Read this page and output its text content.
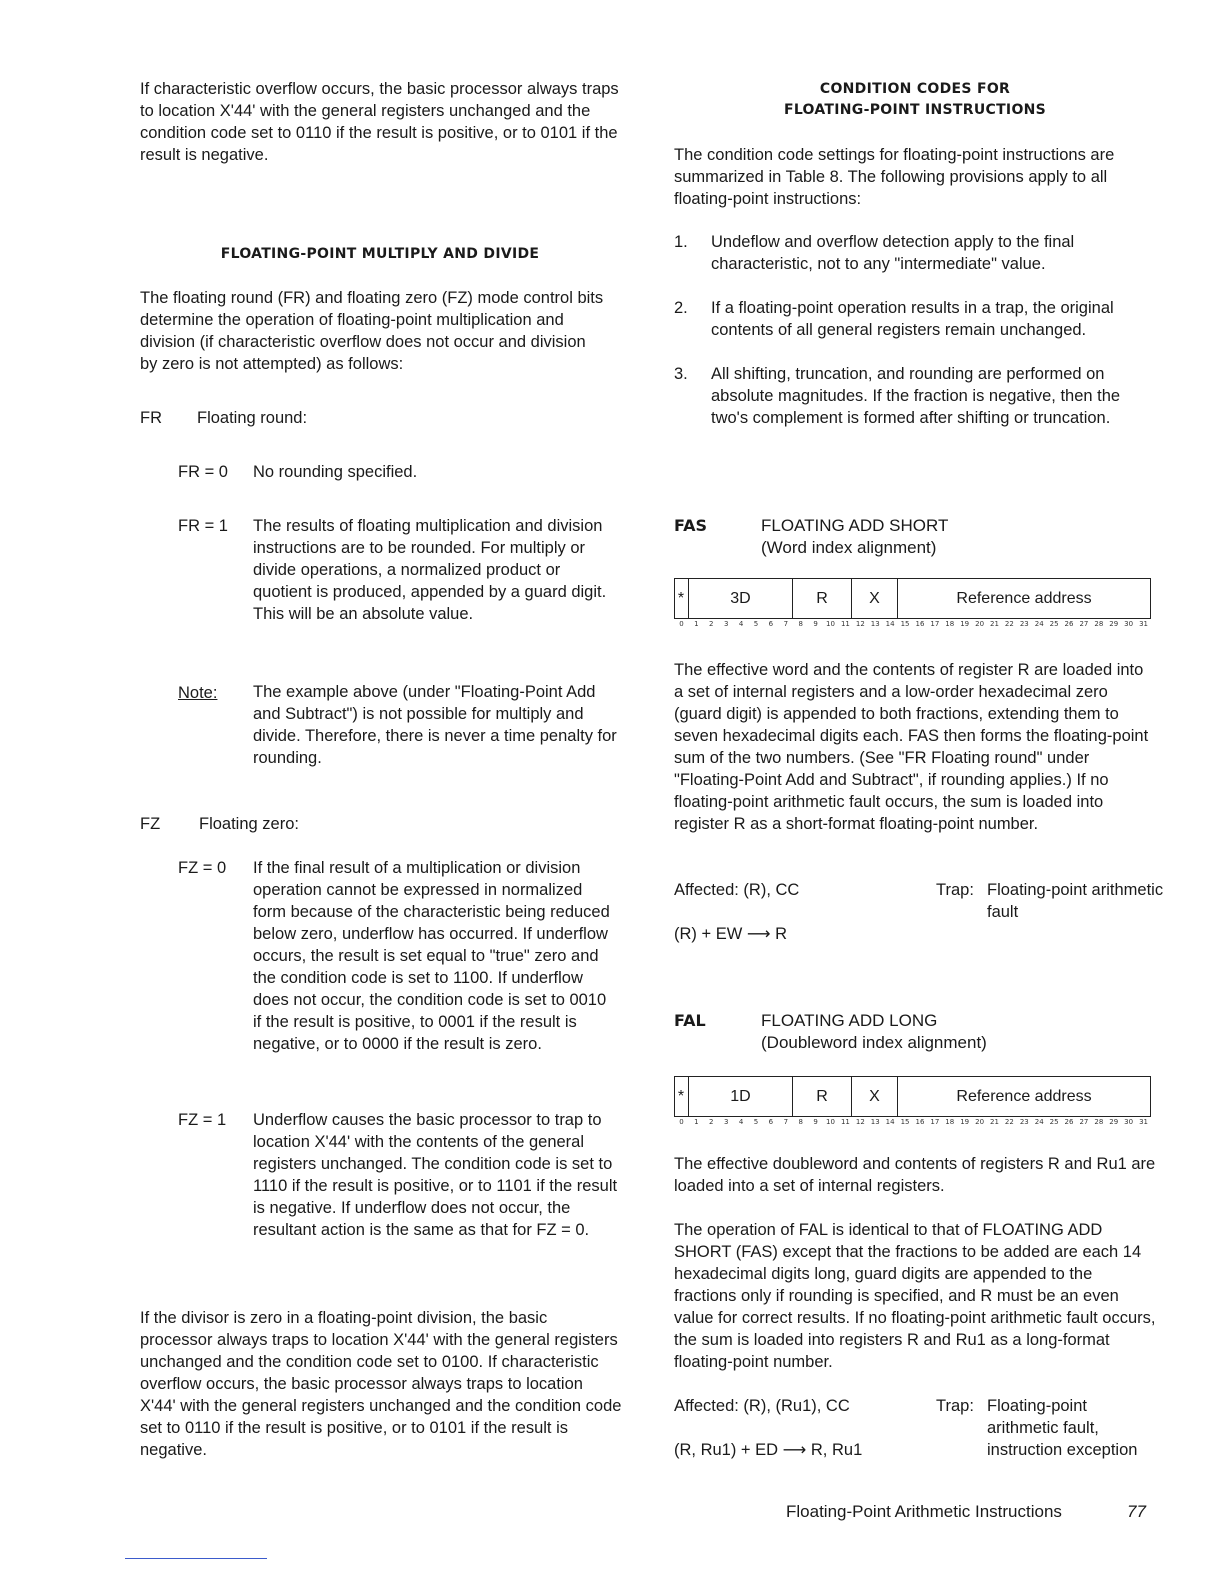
If characteristic overflow occurs, the basic processor always traps to location X'44' with the general registers unchanged and the condition code set to 0110 if the result is positive, or to 0101 if the result is negative.

FLOATING-POINT MULTIPLY AND DIVIDE

The floating round (FR) and floating zero (FZ) mode control bits determine the operation of floating-point multiplication and division (if characteristic overflow does not occur and division by zero is not attempted) as follows:

FR Floating round:
FR = 0 No rounding specified.
FR = 1 The results of floating multiplication and division instructions are to be rounded. For multiply or divide operations, a normalized product or quotient is produced, appended by a guard digit. This will be an absolute value.

Note: The example above (under "Floating-Point Add and Subtract") is not possible for multiply and divide. Therefore, there is never a time penalty for rounding.

FZ Floating zero:
FZ = 0 If the final result of a multiplication or division operation cannot be expressed in normalized form because of the characteristic being reduced below zero, underflow has occurred. If underflow occurs, the result is set equal to "true" zero and the condition code is set to 1100. If underflow does not occur, the condition code is set to 0010 if the result is positive, to 0001 if the result is negative, or to 0000 if the result is zero.

FZ = 1 Underflow causes the basic processor to trap to location X'44' with the contents of the general registers unchanged. The condition code is set to 1110 if the result is positive, or to 1101 if the result is negative. If underflow does not occur, the resultant action is the same as that for FZ = 0.

If the divisor is zero in a floating-point division, the basic processor always traps to location X'44' with the general registers unchanged and the condition code set to 0100. If characteristic overflow occurs, the basic processor always traps to location X'44' with the general registers unchanged and the condition code set to 0110 if the result is positive, or to 0101 if the result is negative.

CONDITION CODES FOR
FLOATING-POINT INSTRUCTIONS

The condition code settings for floating-point instructions are summarized in Table 8. The following provisions apply to all floating-point instructions:

1. Undeflow and overflow detection apply to the final characteristic, not to any "intermediate" value.

2. If a floating-point operation results in a trap, the original contents of all general registers remain unchanged.

3. All shifting, truncation, and rounding are performed on absolute magnitudes. If the fraction is negative, then the two's complement is formed after shifting or truncation.

FAS	FLOATING ADD SHORT
(Word index alignment)
*	3D	R	X	Reference address
0	1	2	3	4	5	6	7	8	9	10 11 12 13 14 15 16 17 18 19 20 21 22 23 24 25 26 27 28 29 30 31

The effective word and the contents of register R are loaded into a set of internal registers and a low-order hexadecimal zero (guard digit) is appended to both fractions, extending them to seven hexadecimal digits each. FAS then forms the floating-point sum of the two numbers. (See "FR Floating round" under "Floating-Point Add and Subtract", if rounding applies.) If no floating-point arithmetic fault occurs, the sum is loaded into register R as a short-format floating-point number.

Affected: (R), CC	Trap: Floating-point arithmetic fault

(R) + EW ⟶ R
FAL	FLOATING ADD LONG
(Doubleword index alignment)
*	1D	R	X	Reference address
0	1	2	3	4	5	6	7	8	9	10 11 12 13 14 15 16 17 18 19 20 21 22 23 24 25 26 27 28 29 30 31

The effective doubleword and contents of registers R and Ru1 are loaded into a set of internal registers.

The operation of FAL is identical to that of FLOATING ADD SHORT (FAS) except that the fractions to be added are each 14 hexadecimal digits long, guard digits are appended to the fractions only if rounding is specified, and R must be an even value for correct results. If no floating-point arithmetic fault occurs, the sum is loaded into registers R and Ru1 as a long-format floating-point number.

Affected: (R), (Ru1), CC	Trap: Floating-point arithmetic fault, instruction exception

(R, Ru1) + ED ⟶ R, Ru1
Floating-Point Arithmetic Instructions	77
